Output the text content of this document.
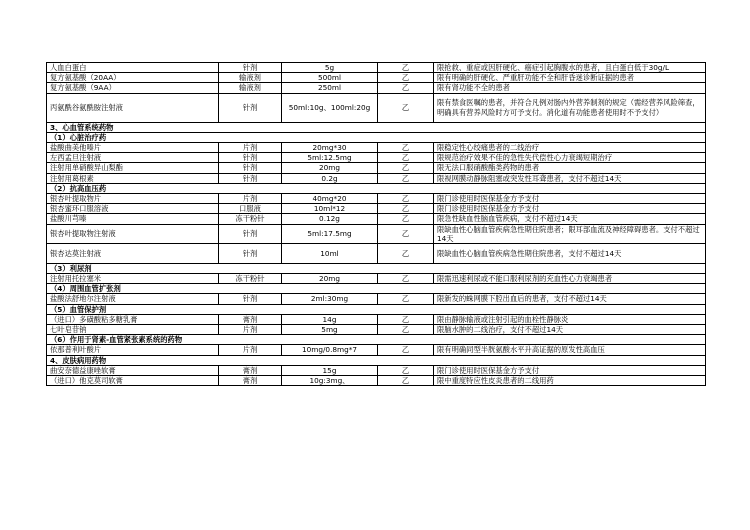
人血白蛋白	针剂	5g	乙	限抢救、重症或因肝硬化、癌症引起胸腹水的患者，且白蛋白低于30g/L
复方氨基酸（20AA）	输液剂	500ml	乙	限有明确的肝硬化、严重肝功能不全和肝昏迷诊断证据的患者
复方氨基酸（9AA）	输液剂	250ml	乙	限有肾功能不全的患者
丙氨酰谷氨酰胺注射液	针剂	50ml:10g、100ml:20g	乙	限有禁食医嘱的患者，并符合凡例对肠内外营养制剂的规定（需经营养风险筛查，明确具有营养风险时方可予支付。消化道有功能患者使用时不予支付）
3、心血管系统药物				
（1）心脏治疗药				
盐酸曲美他嗪片	片剂	20mg*30	乙	限稳定性心绞痛患者的二线治疗
左西孟旦注射液	针剂	5ml:12.5mg	乙	限规范治疗效果不佳的急性失代偿性心力衰竭短期治疗
注射用单硝酸异山梨酯	针剂	20mg	乙	限无法口服硝酸酯类药物的患者
注射用葛根素	针剂	0.2g	乙	限视网膜动静脉阻塞或突发性耳聋患者，支付不超过14天
（2）抗高血压药				
银杏叶提取物片	片剂	40mg*20	乙	限门诊使用时医保基金方予支付
银杏蜜环口服溶液	口服液	10ml*12	乙	限门诊使用时医保基金方予支付
盐酸川芎嗪	冻干粉针	0.12g	乙	限急性缺血性脑血管疾病，支付不超过14天
银杏叶提取物注射液	针剂	5ml:17.5mg	乙	限缺血性心脑血管疾病急性期住院患者；限耳部血流及神经障碍患者。支付不超过14天
银杏达莫注射液	针剂	10ml	乙	限缺血性心脑血管疾病急性期住院患者，支付不超过14天
（3）利尿剂				
注射用托拉塞米	冻干粉针	20mg	乙	限需迅速利尿或不能口服利尿剂的充血性心力衰竭患者
（4）周围血管扩张剂				
盐酸法舒地尔注射液	针剂	2ml:30mg	乙	限新发的蛛网膜下腔出血后的患者，支付不超过14天
（5）血管保护剂				
（进口）多磺酸粘多糖乳膏	膏剂	14g	乙	限由静脉输液或注射引起的血栓性静脉炎
七叶皂苷钠	片剂	5mg	乙	限脑水肿的二线治疗，支付不超过14天
（6）作用于肾素-血管紧张素系统的药物				
依那普利叶酸片	片剂	10mg/0.8mg*7	乙	限有明确同型半胱氨酸水平升高证据的原发性高血压
4、皮肤病用药物				
曲安奈德益康唑软膏	膏剂	15g	乙	限门诊使用时医保基金方予支付
（进口）他克莫司软膏	膏剂	10g:3mg、	乙	限中重度特应性皮炎患者的二线用药
